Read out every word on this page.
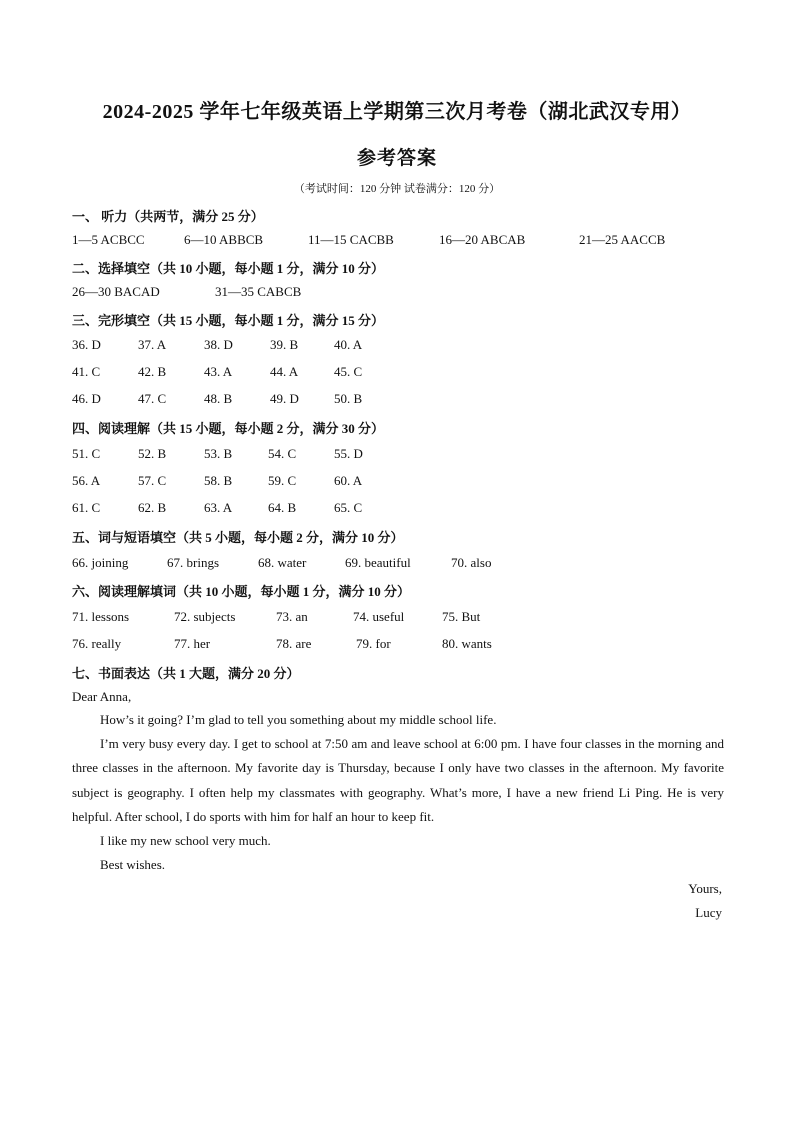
2024-2025 学年七年级英语上学期第三次月考卷（湖北武汉专用）
参考答案
（考试时间：120 分钟 试卷满分：120 分）
一、 听力（共两节，满分 25 分）
1—5 ACBCC	6—10 ABBCB	11—15 CACBB	16—20 ABCAB	21—25 AACCB
二、选择填空（共 10 小题，每小题 1 分，满分 10 分）
26—30 BACAD	31—35 CABCB
三、完形填空（共 15 小题，每小题 1 分，满分 15 分）
36. D	37. A	38. D	39. B	40. A
41. C	42. B	43. A	44. A	45. C
46. D	47. C	48. B	49. D	50. B
四、阅读理解（共 15 小题，每小题 2 分，满分 30 分）
51. C	52. B	53. B	54. C	55. D
56. A	57. C	58. B	59. C	60. A
61. C	62. B	63. A	64. B	65. C
五、词与短语填空（共 5 小题，每小题 2 分，满分 10 分）
66. joining	67. brings	68. water	69. beautiful	70. also
六、阅读理解填词（共 10 小题，每小题 1 分，满分 10 分）
71. lessons	72. subjects	73. an	74. useful	75. But
76. really	77. her	78. are	79. for	80. wants
七、书面表达（共 1 大题，满分 20 分）
Dear Anna,
How’s it going? I’m glad to tell you something about my middle school life.
I’m very busy every day. I get to school at 7:50 am and leave school at 6:00 pm. I have four classes in the morning and three classes in the afternoon. My favorite day is Thursday, because I only have two classes in the afternoon. My favorite subject is geography. I often help my classmates with geography. What’s more, I have a new friend Li Ping. He is very helpful. After school, I do sports with him for half an hour to keep fit.
I like my new school very much.
Best wishes.
Yours,
Lucy
